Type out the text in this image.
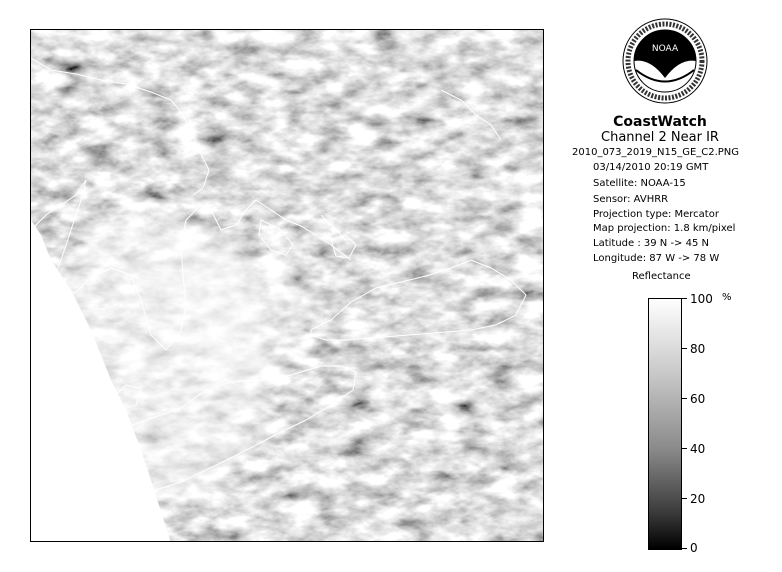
NOAA
CoastWatch
Channel 2 Near IR
2010_073_2019_N15_GE_C2.PNG
03/14/2010 20:19 GMT
Satellite: NOAA-15
Sensor: AVHRR
Projection type: Mercator
Map projection: 1.8 km/pixel
Latitude : 39 N -> 45 N
Longitude: 87 W -> 78 W
Reflectance
%
100
80
60
40
20
0
